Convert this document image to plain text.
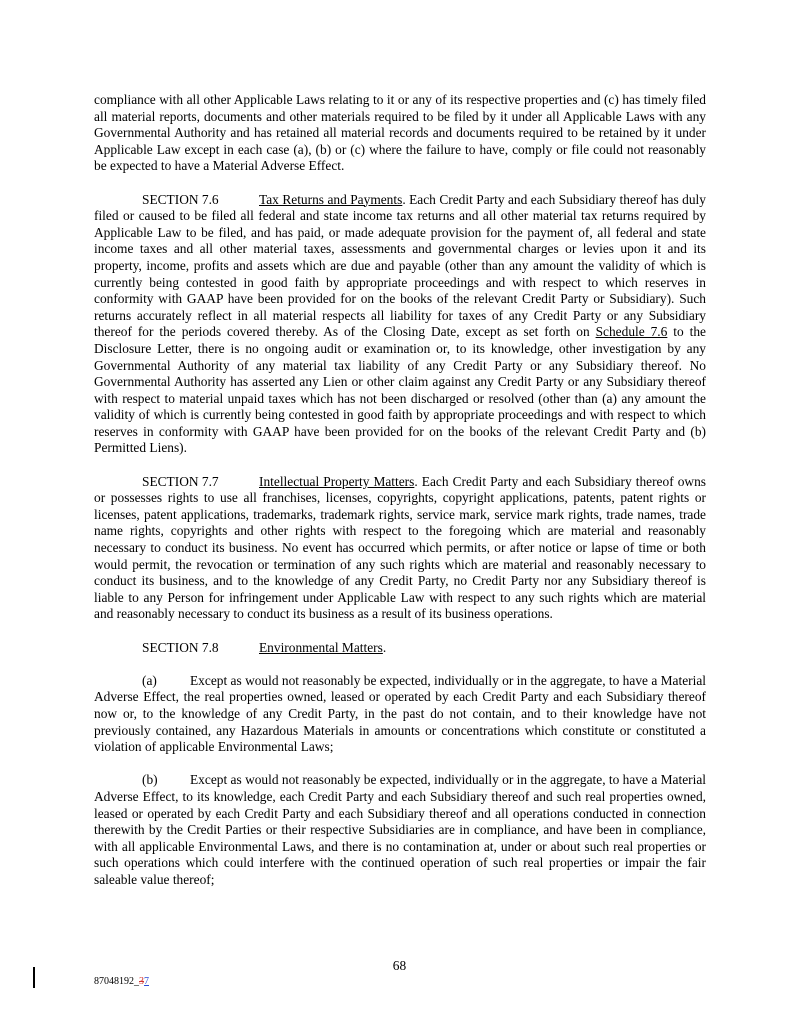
compliance with all other Applicable Laws relating to it or any of its respective properties and (c) has timely filed all material reports, documents and other materials required to be filed by it under all Applicable Laws with any Governmental Authority and has retained all material records and documents required to be retained by it under Applicable Law except in each case (a), (b) or (c) where the failure to have, comply or file could not reasonably be expected to have a Material Adverse Effect.

SECTION 7.6	Tax Returns and Payments. Each Credit Party and each Subsidiary thereof has duly filed or caused to be filed all federal and state income tax returns and all other material tax returns required by Applicable Law to be filed, and has paid, or made adequate provision for the payment of, all federal and state income taxes and all other material taxes, assessments and governmental charges or levies upon it and its property, income, profits and assets which are due and payable (other than any amount the validity of which is currently being contested in good faith by appropriate proceedings and with respect to which reserves in conformity with GAAP have been provided for on the books of the relevant Credit Party or Subsidiary). Such returns accurately reflect in all material respects all liability for taxes of any Credit Party or any Subsidiary thereof for the periods covered thereby. As of the Closing Date, except as set forth on Schedule 7.6 to the Disclosure Letter, there is no ongoing audit or examination or, to its knowledge, other investigation by any Governmental Authority of any material tax liability of any Credit Party or any Subsidiary thereof. No Governmental Authority has asserted any Lien or other claim against any Credit Party or any Subsidiary thereof with respect to material unpaid taxes which has not been discharged or resolved (other than (a) any amount the validity of which is currently being contested in good faith by appropriate proceedings and with respect to which reserves in conformity with GAAP have been provided for on the books of the relevant Credit Party and (b) Permitted Liens).

SECTION 7.7	Intellectual Property Matters. Each Credit Party and each Subsidiary thereof owns or possesses rights to use all franchises, licenses, copyrights, copyright applications, patents, patent rights or licenses, patent applications, trademarks, trademark rights, service mark, service mark rights, trade names, trade name rights, copyrights and other rights with respect to the foregoing which are material and reasonably necessary to conduct its business. No event has occurred which permits, or after notice or lapse of time or both would permit, the revocation or termination of any such rights which are material and reasonably necessary to conduct its business, and to the knowledge of any Credit Party, no Credit Party nor any Subsidiary thereof is liable to any Person for infringement under Applicable Law with respect to any such rights which are material and reasonably necessary to conduct its business as a result of its business operations.

SECTION 7.8	Environmental Matters.

(a) Except as would not reasonably be expected, individually or in the aggregate, to have a Material Adverse Effect, the real properties owned, leased or operated by each Credit Party and each Subsidiary thereof now or, to the knowledge of any Credit Party, in the past do not contain, and to their knowledge have not previously contained, any Hazardous Materials in amounts or concentrations which constitute or constituted a violation of applicable Environmental Laws;

(b) Except as would not reasonably be expected, individually or in the aggregate, to have a Material Adverse Effect, to its knowledge, each Credit Party and each Subsidiary thereof and such real properties owned, leased or operated by each Credit Party and each Subsidiary thereof and all operations conducted in connection therewith by the Credit Parties or their respective Subsidiaries are in compliance, and have been in compliance, with all applicable Environmental Laws, and there is no contamination at, under or about such real properties or such operations which could interfere with the continued operation of such real properties or impair the fair saleable value thereof;

68
87048192_37
